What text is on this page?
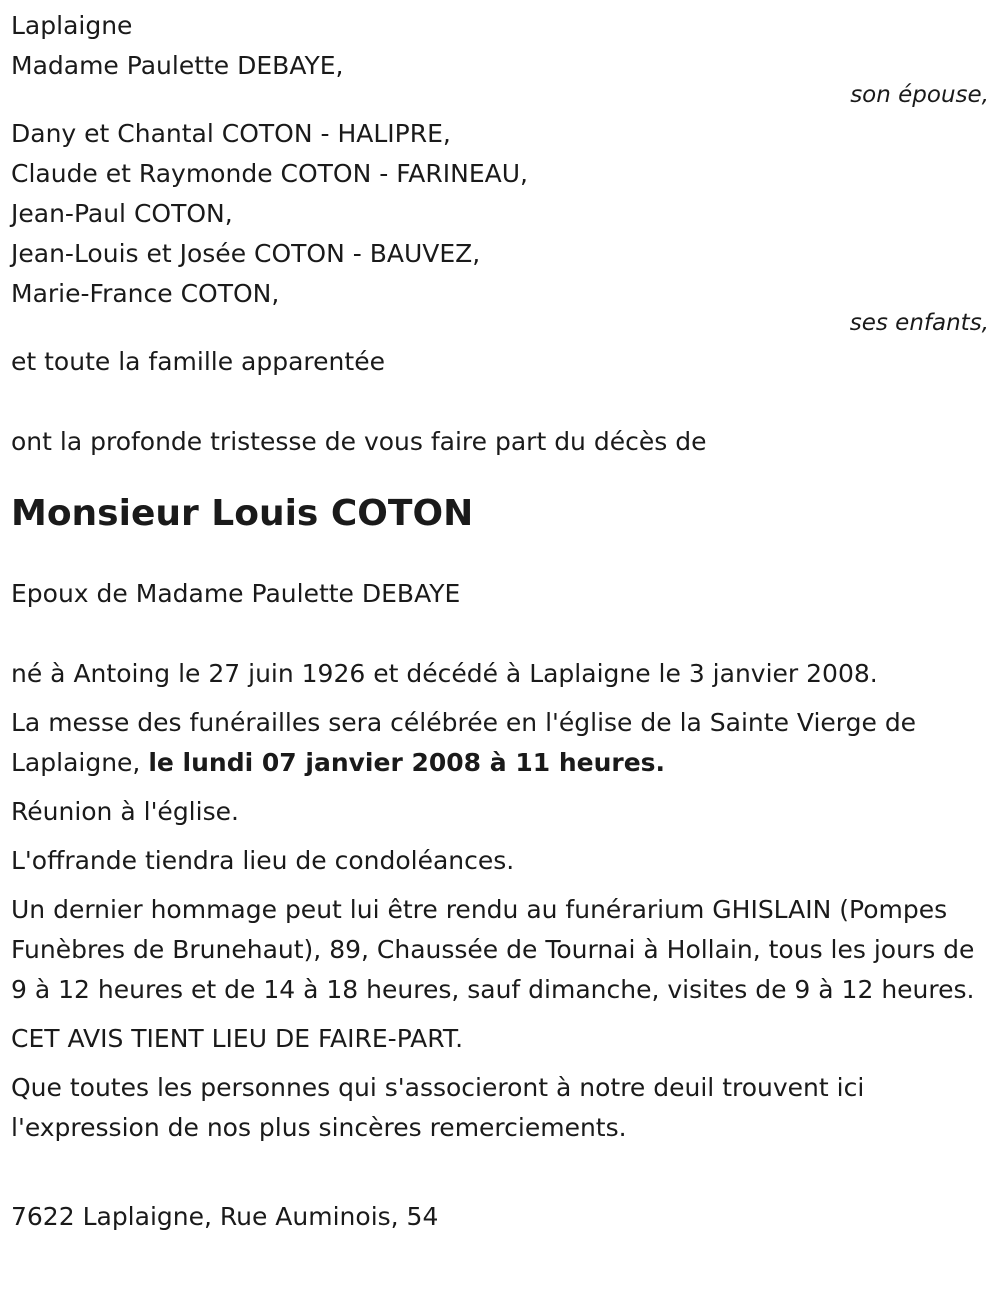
Laplaigne
Madame Paulette DEBAYE,
son épouse,
Dany et Chantal COTON - HALIPRE,
Claude et Raymonde COTON - FARINEAU,
Jean-Paul COTON,
Jean-Louis et Josée COTON - BAUVEZ,
Marie-France COTON,
ses enfants,
et toute la famille apparentée
ont la profonde tristesse de vous faire part du décès de
Monsieur Louis COTON
Epoux de Madame Paulette DEBAYE
né à Antoing le 27 juin 1926 et décédé à Laplaigne le 3 janvier 2008.
La messe des funérailles sera célébrée en l'église de la Sainte Vierge de Laplaigne, le lundi 07 janvier 2008 à 11 heures.
Réunion à l'église.
L'offrande tiendra lieu de condoléances.
Un dernier hommage peut lui être rendu au funérarium GHISLAIN (Pompes Funèbres de Brunehaut), 89, Chaussée de Tournai à Hollain, tous les jours de 9 à 12 heures et de 14 à 18 heures, sauf dimanche, visites de 9 à 12 heures.
CET AVIS TIENT LIEU DE FAIRE-PART.
Que toutes les personnes qui s'associeront à notre deuil trouvent ici l'expression de nos plus sincères remerciements.
7622 Laplaigne, Rue Auminois, 54
